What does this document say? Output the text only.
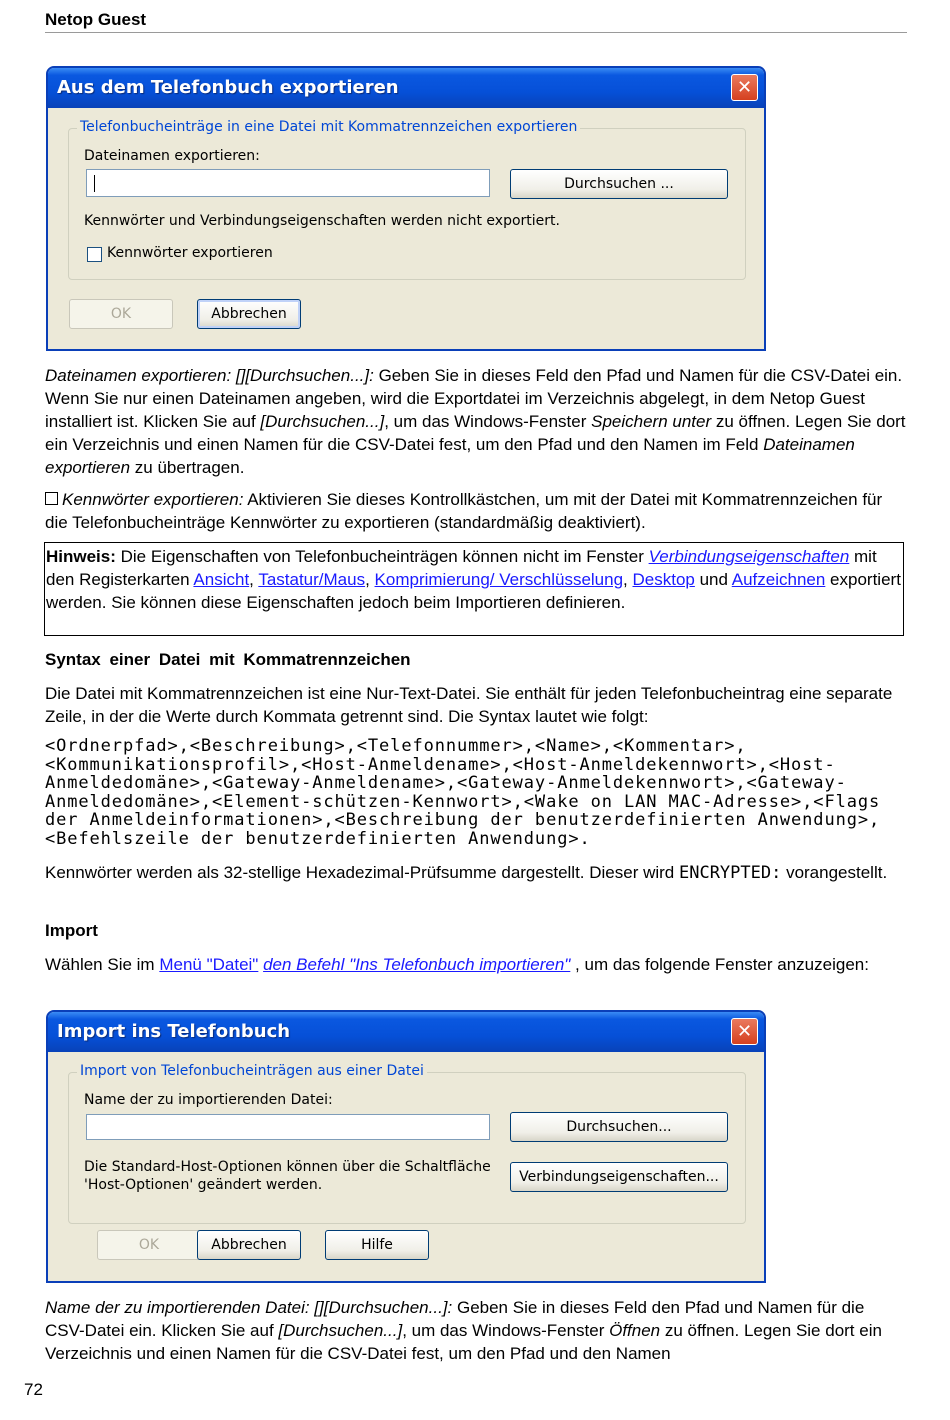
Netop Guest
Aus dem Telefonbuch exportieren	✕
Telefonbucheinträge in eine Datei mit Kommatrennzeichen exportieren
Dateinamen exportieren:
Durchsuchen ...
Kennwörter und Verbindungseigenschaften werden nicht exportiert.
Kennwörter exportieren
OK	Abbrechen

Dateinamen exportieren: [][Durchsuchen...]: Geben Sie in dieses Feld den Pfad und Namen für die CSV-Datei ein. Wenn Sie nur einen Dateinamen angeben, wird die Exportdatei im Verzeichnis abgelegt, in dem Netop Guest installiert ist. Klicken Sie auf [Durchsuchen...], um das Windows-Fenster Speichern unter zu öffnen. Legen Sie dort ein Verzeichnis und einen Namen für die CSV-Datei fest, um den Pfad und den Namen im Feld Dateinamen exportieren zu übertragen.

Kennwörter exportieren: Aktivieren Sie dieses Kontrollkästchen, um mit der Datei mit Kommatrennzeichen für die Telefonbucheinträge Kennwörter zu exportieren (standardmäßig deaktiviert).

Hinweis: Die Eigenschaften von Telefonbucheinträgen können nicht im Fenster Verbindungseigenschaften mit den Registerkarten Ansicht, Tastatur/Maus, Komprimierung/ Verschlüsselung, Desktop und Aufzeichnen exportiert werden. Sie können diese Eigenschaften jedoch beim Importieren definieren.

Syntax einer Datei mit Kommatrennzeichen

Die Datei mit Kommatrennzeichen ist eine Nur-Text-Datei. Sie enthält für jeden Telefonbucheintrag eine separate Zeile, in der die Werte durch Kommata getrennt sind. Die Syntax lautet wie folgt:

<Ordnerpfad>,<Beschreibung>,<Telefonnummer>,<Name>,<Kommentar>, <Kommunikationsprofil>,<Host-Anmeldename>,<Host-Anmeldekennwort>,<Host-Anmeldedomäne>,<Gateway-Anmeldename>,<Gateway-Anmeldekennwort>,<Gateway-Anmeldedomäne>,<Element-schützen-Kennwort>,<Wake on LAN MAC-Adresse>,<Flags der Anmeldeinformationen>,<Beschreibung der benutzerdefinierten Anwendung>, <Befehlszeile der benutzerdefinierten Anwendung>.

Kennwörter werden als 32-stellige Hexadezimal-Prüfsumme dargestellt. Dieser wird ENCRYPTED: vorangestellt.

Import

Wählen Sie im Menü "Datei" den Befehl "Ins Telefonbuch importieren" , um das folgende Fenster anzuzeigen:

Import ins Telefonbuch	✕
Import von Telefonbucheinträgen aus einer Datei
Name der zu importierenden Datei:
Durchsuchen...
Die Standard-Host-Optionen können über die Schaltfläche
'Host-Optionen' geändert werden.	Verbindungseigenschaften...
OK	Abbrechen	Hilfe

Name der zu importierenden Datei: [][Durchsuchen...]: Geben Sie in dieses Feld den Pfad und Namen für die CSV-Datei ein. Klicken Sie auf [Durchsuchen...], um das Windows-Fenster Öffnen zu öffnen. Legen Sie dort ein Verzeichnis und einen Namen für die CSV-Datei fest, um den Pfad und den Namen

72
